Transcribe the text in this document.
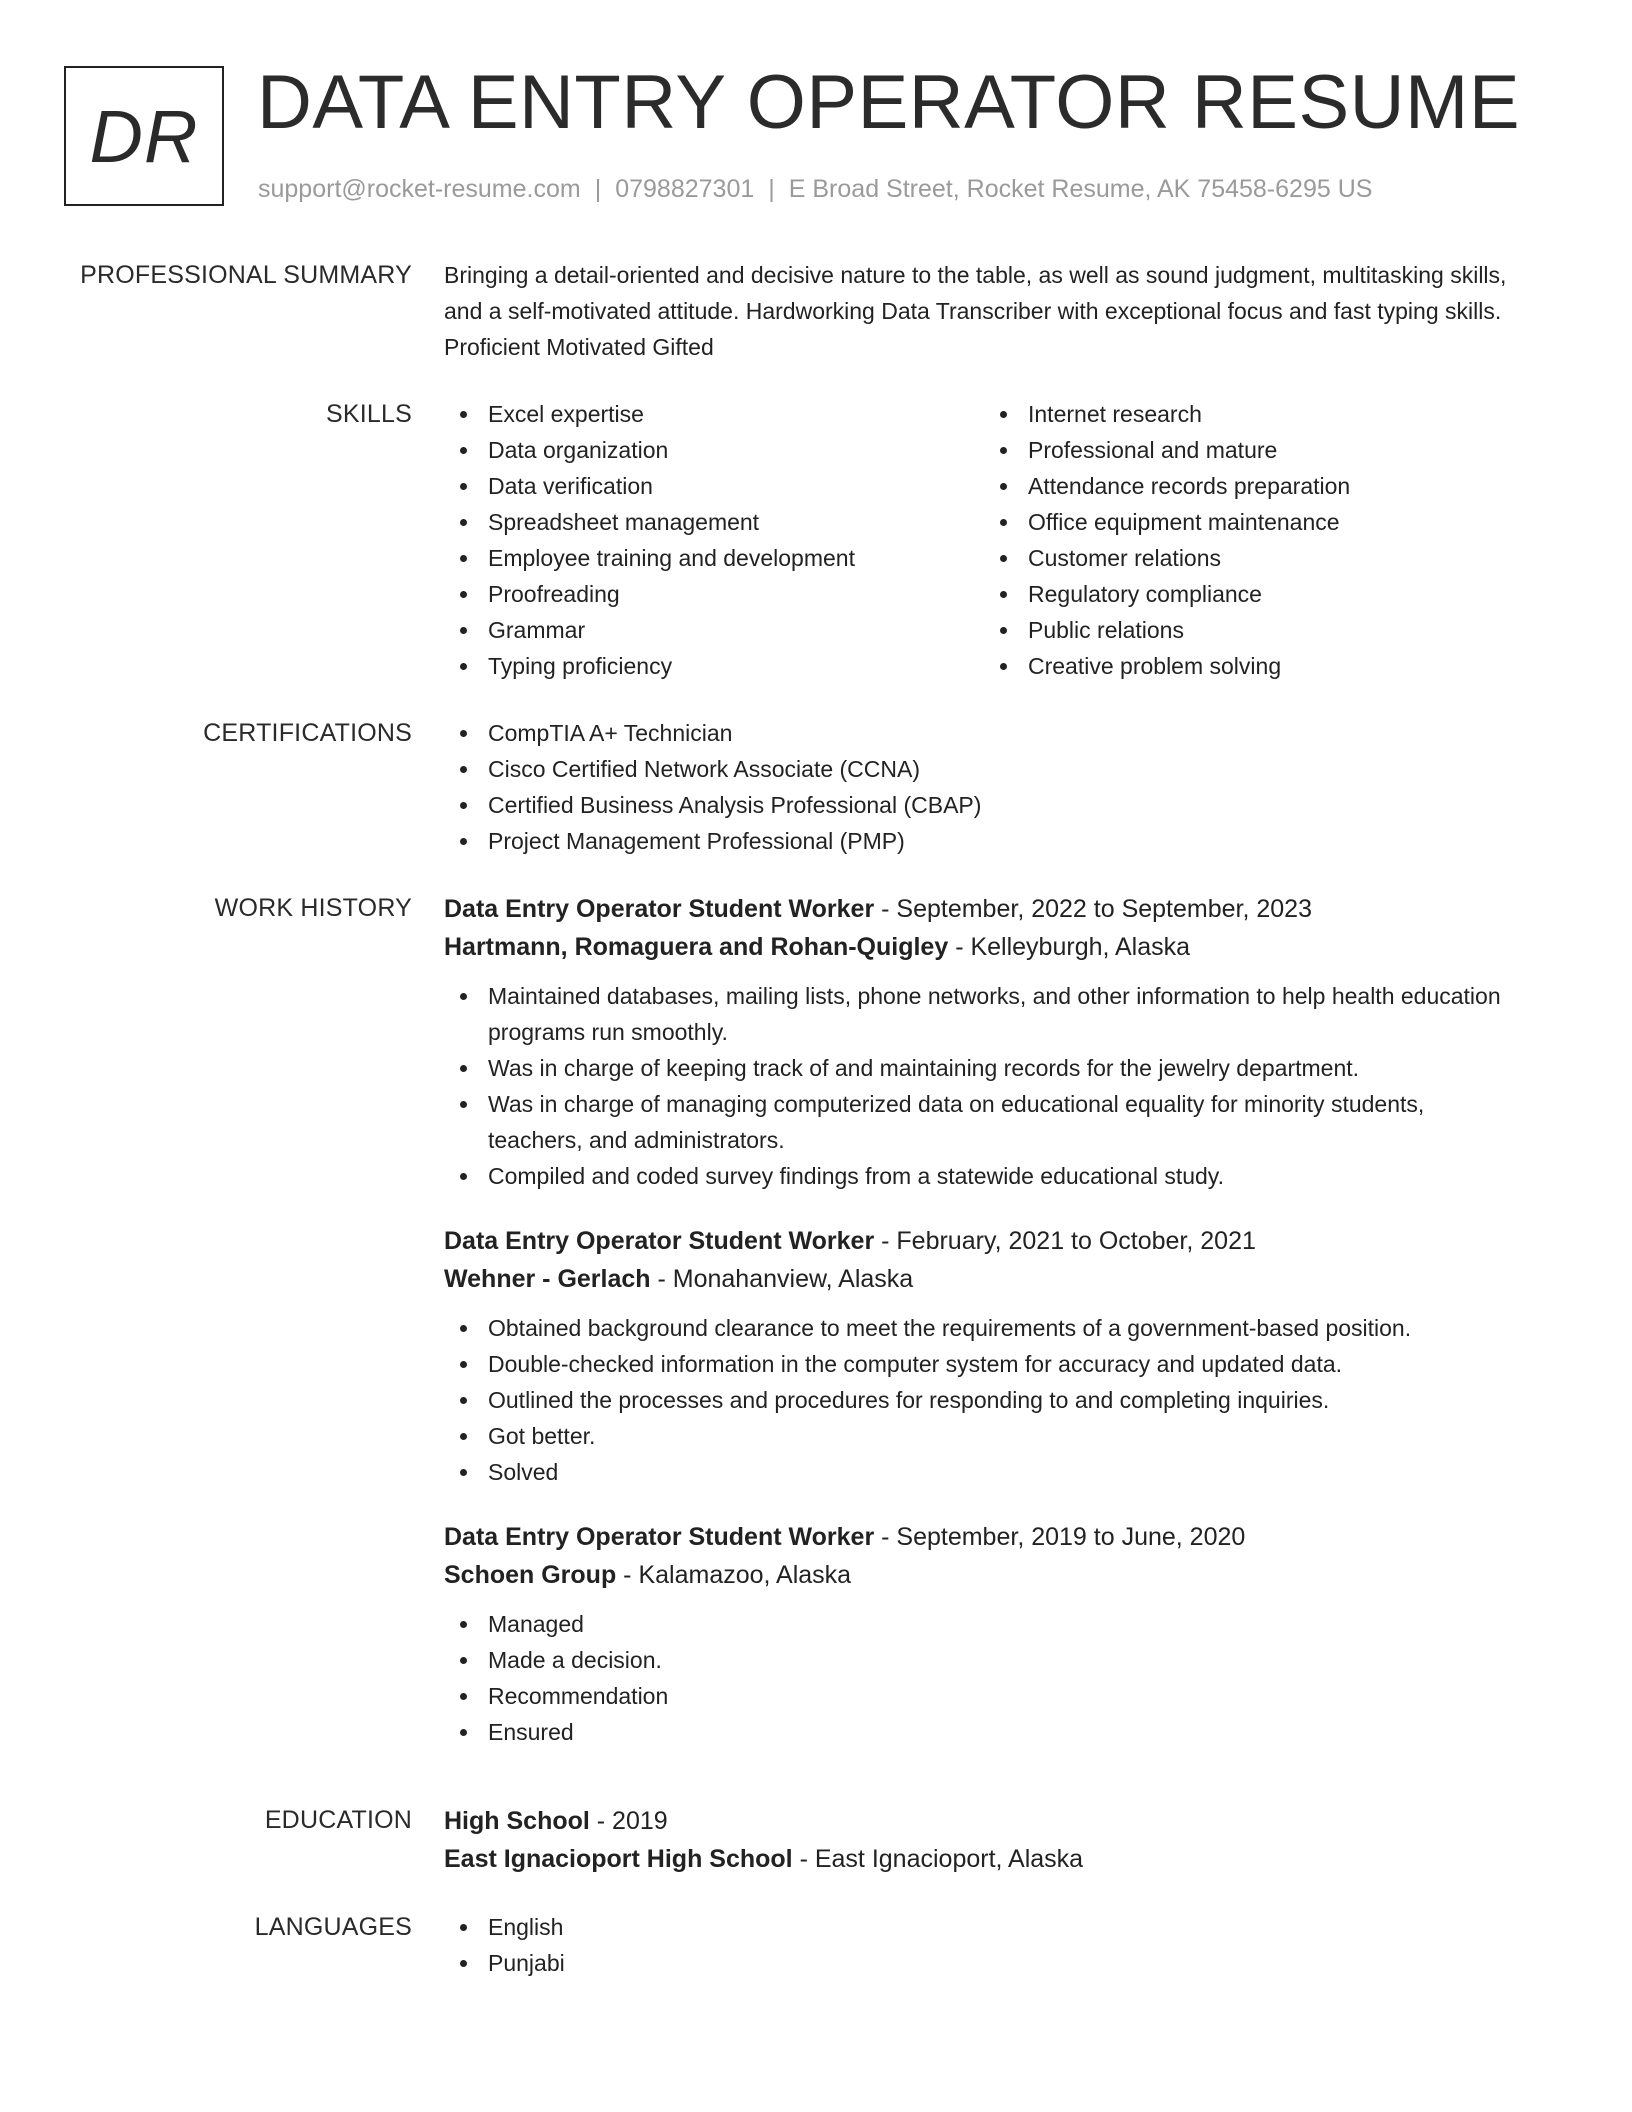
DR DATA ENTRY OPERATOR RESUME
support@rocket-resume.com | 0798827301 | E Broad Street, Rocket Resume, AK 75458-6295 US
PROFESSIONAL SUMMARY Bringing a detail-oriented and decisive nature to the table, as well as sound judgment, multitasking skills, and a self-motivated attitude. Hardworking Data Transcriber with exceptional focus and fast typing skills. Proficient Motivated Gifted

SKILLS	Excel expertise
Data organization
Data verification
Spreadsheet management
Employee training and development
Proofreading
Grammar
Typing proficiency
Internet research
Professional and mature
Attendance records preparation
Office equipment maintenance
Customer relations
Regulatory compliance
Public relations
Creative problem solving
CERTIFICATIONS	CompTIA A+ Technician
Cisco Certified Network Associate (CCNA)
Certified Business Analysis Professional (CBAP)
Project Management Professional (PMP)
WORK HISTORY Data Entry Operator Student Worker - September, 2022 to September, 2023
Hartmann, Romaguera and Rohan-Quigley - Kelleyburgh, Alaska
Maintained databases, mailing lists, phone networks, and other information to help health education programs run smoothly.
Was in charge of keeping track of and maintaining records for the jewelry department.
Was in charge of managing computerized data on educational equality for minority students, teachers, and administrators.
Compiled and coded survey findings from a statewide educational study.
Data Entry Operator Student Worker - February, 2021 to October, 2021
Wehner - Gerlach - Monahanview, Alaska
Obtained background clearance to meet the requirements of a government-based position.
Double-checked information in the computer system for accuracy and updated data.
Outlined the processes and procedures for responding to and completing inquiries.
Got better.
Solved
Data Entry Operator Student Worker - September, 2019 to June, 2020
Schoen Group - Kalamazoo, Alaska
Managed
Made a decision.
Recommendation
Ensured
EDUCATION High School - 2019
East Ignacioport High School - East Ignacioport, Alaska
LANGUAGES	English
Punjabi
